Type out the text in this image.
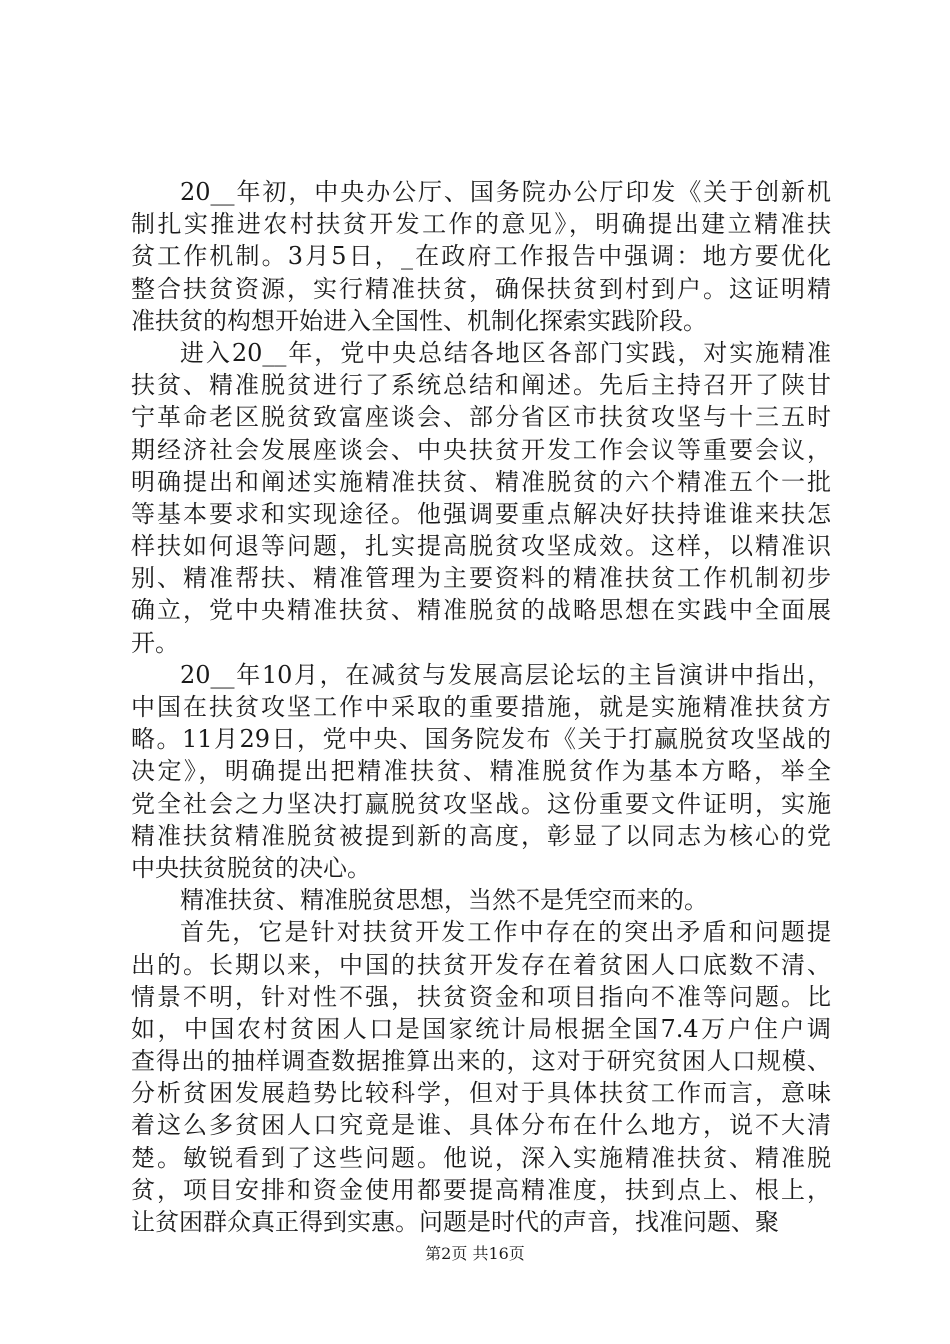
20__年初，中央办公厅、国务院办公厅印发《关于创新机
制扎实推进农村扶贫开发工作的意见》，明确提出建立精准扶
贫工作机制。3月5日，_在政府工作报告中强调：地方要优化
整合扶贫资源，实行精准扶贫，确保扶贫到村到户。这证明精
准扶贫的构想开始进入全国性、机制化探索实践阶段。
进入20__年，党中央总结各地区各部门实践，对实施精准
扶贫、精准脱贫进行了系统总结和阐述。先后主持召开了陕甘
宁革命老区脱贫致富座谈会、部分省区市扶贫攻坚与十三五时
期经济社会发展座谈会、中央扶贫开发工作会议等重要会议，
明确提出和阐述实施精准扶贫、精准脱贫的六个精准五个一批
等基本要求和实现途径。他强调要重点解决好扶持谁谁来扶怎
样扶如何退等问题，扎实提高脱贫攻坚成效。这样，以精准识
别、精准帮扶、精准管理为主要资料的精准扶贫工作机制初步
确立，党中央精准扶贫、精准脱贫的战略思想在实践中全面展
开。
20__年10月，在减贫与发展高层论坛的主旨演讲中指出，
中国在扶贫攻坚工作中采取的重要措施，就是实施精准扶贫方
略。11月29日，党中央、国务院发布《关于打赢脱贫攻坚战的
决定》，明确提出把精准扶贫、精准脱贫作为基本方略，举全
党全社会之力坚决打赢脱贫攻坚战。这份重要文件证明，实施
精准扶贫精准脱贫被提到新的高度，彰显了以同志为核心的党
中央扶贫脱贫的决心。
精准扶贫、精准脱贫思想，当然不是凭空而来的。
首先，它是针对扶贫开发工作中存在的突出矛盾和问题提
出的。长期以来，中国的扶贫开发存在着贫困人口底数不清、
情景不明，针对性不强，扶贫资金和项目指向不准等问题。比
如，中国农村贫困人口是国家统计局根据全国7.4万户住户调
查得出的抽样调查数据推算出来的，这对于研究贫困人口规模、
分析贫困发展趋势比较科学，但对于具体扶贫工作而言，意味
着这么多贫困人口究竟是谁、具体分布在什么地方，说不大清
楚。敏锐看到了这些问题。他说，深入实施精准扶贫、精准脱
贫，项目安排和资金使用都要提高精准度，扶到点上、根上，
让贫困群众真正得到实惠。问题是时代的声音，找准问题、聚
第2页 共16页
